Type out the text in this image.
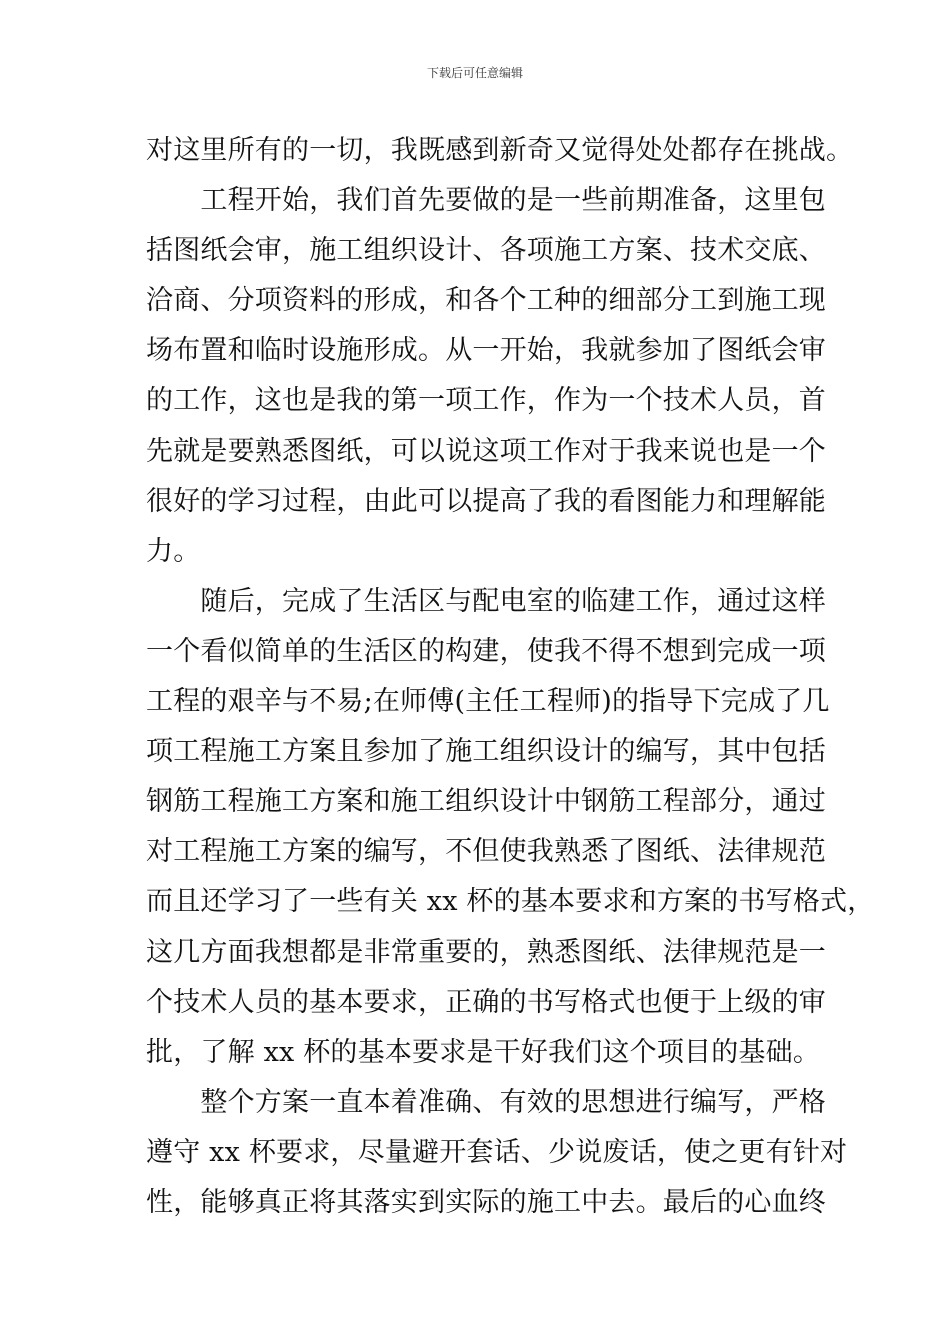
下载后可任意编辑
对这里所有的一切，我既感到新奇又觉得处处都存在挑战。
　　工程开始，我们首先要做的是一些前期准备，这里包
括图纸会审，施工组织设计、各项施工方案、技术交底、
洽商、分项资料的形成，和各个工种的细部分工到施工现
场布置和临时设施形成。从一开始，我就参加了图纸会审
的工作，这也是我的第一项工作，作为一个技术人员，首
先就是要熟悉图纸，可以说这项工作对于我来说也是一个
很好的学习过程，由此可以提高了我的看图能力和理解能
力。
　　随后，完成了生活区与配电室的临建工作，通过这样
一个看似简单的生活区的构建，使我不得不想到完成一项
工程的艰辛与不易;在师傅(主任工程师)的指导下完成了几
项工程施工方案且参加了施工组织设计的编写，其中包括
钢筋工程施工方案和施工组织设计中钢筋工程部分，通过
对工程施工方案的编写，不但使我熟悉了图纸、法律规范
而且还学习了一些有关 xx 杯的基本要求和方案的书写格式，
这几方面我想都是非常重要的，熟悉图纸、法律规范是一
个技术人员的基本要求，正确的书写格式也便于上级的审
批，了解 xx 杯的基本要求是干好我们这个项目的基础。
　　整个方案一直本着准确、有效的思想进行编写，严格
遵守 xx 杯要求，尽量避开套话、少说废话，使之更有针对
性，能够真正将其落实到实际的施工中去。最后的心血终
